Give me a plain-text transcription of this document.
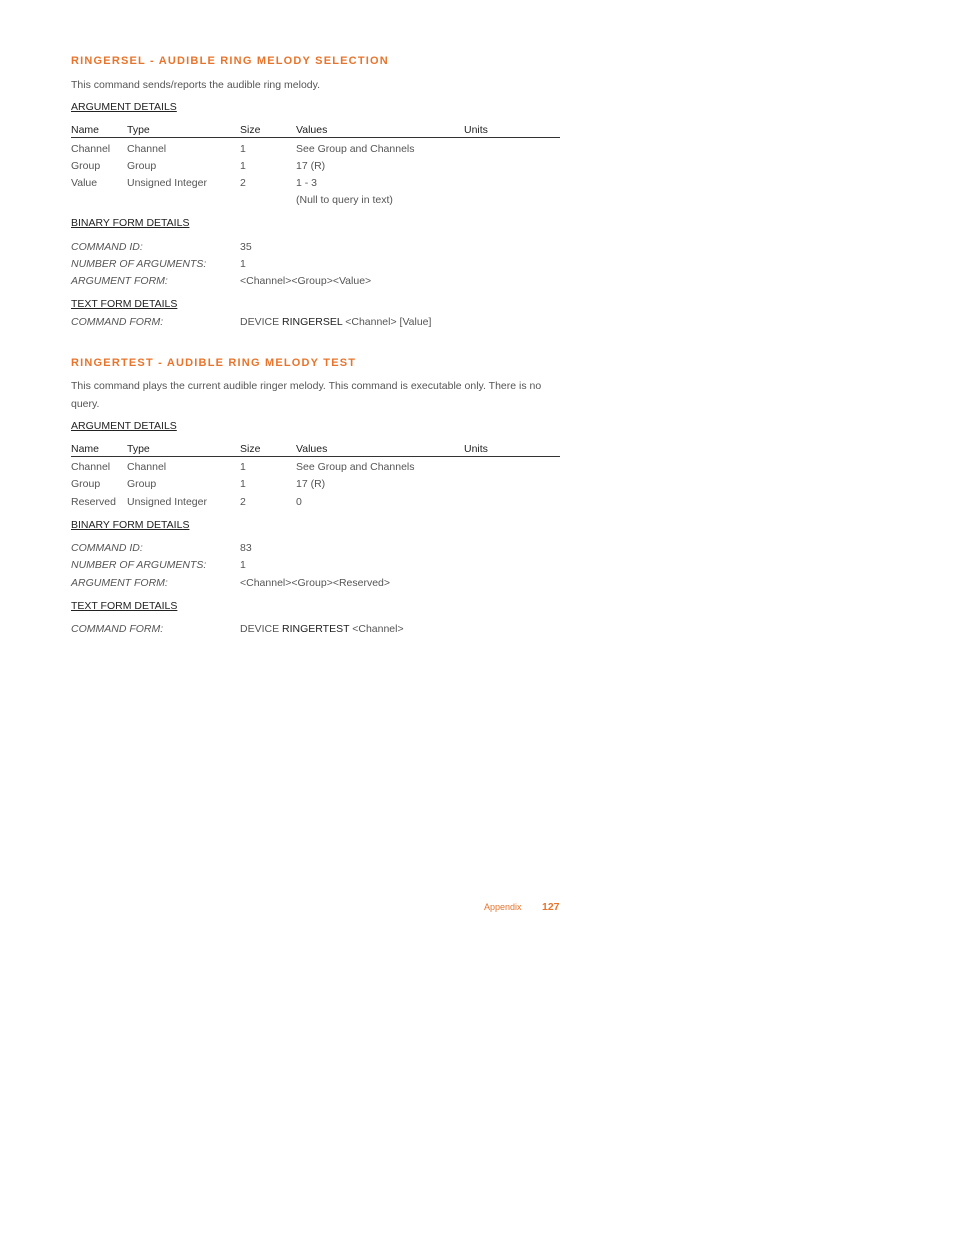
RINGERSEL - AUDIBLE RING MELODY SELECTION
This command sends/reports the audible ring melody.
ARGUMENT DETAILS
Name	Type	Size	Values	Units
Channel Channel	1	See Group and Channels
Group	Group	1	17 (R)
Value	Unsigned Integer	2	1 - 3
(Null to query in text)
BINARY FORM DETAILS
COMMAND ID:	35
NUMBER OF ARGUMENTS:	1
ARGUMENT FORM:	<Channel><Group><Value>
TEXT FORM DETAILS
COMMAND FORM:	DEVICE RINGERSEL <Channel> [Value]
RINGERTEST - AUDIBLE RING MELODY TEST
This command plays the current audible ringer melody. This command is executable only. There is no query.
ARGUMENT DETAILS
Name	Type	Size	Values	Units
Channel Channel	1	See Group and Channels
Group	Group	1	17 (R)
Reserved Unsigned Integer	2	0
BINARY FORM DETAILS
COMMAND ID:	83
NUMBER OF ARGUMENTS:	1
ARGUMENT FORM:	<Channel><Group><Reserved>
TEXT FORM DETAILS
COMMAND FORM:	DEVICE RINGERTEST <Channel>
Appendix 127
